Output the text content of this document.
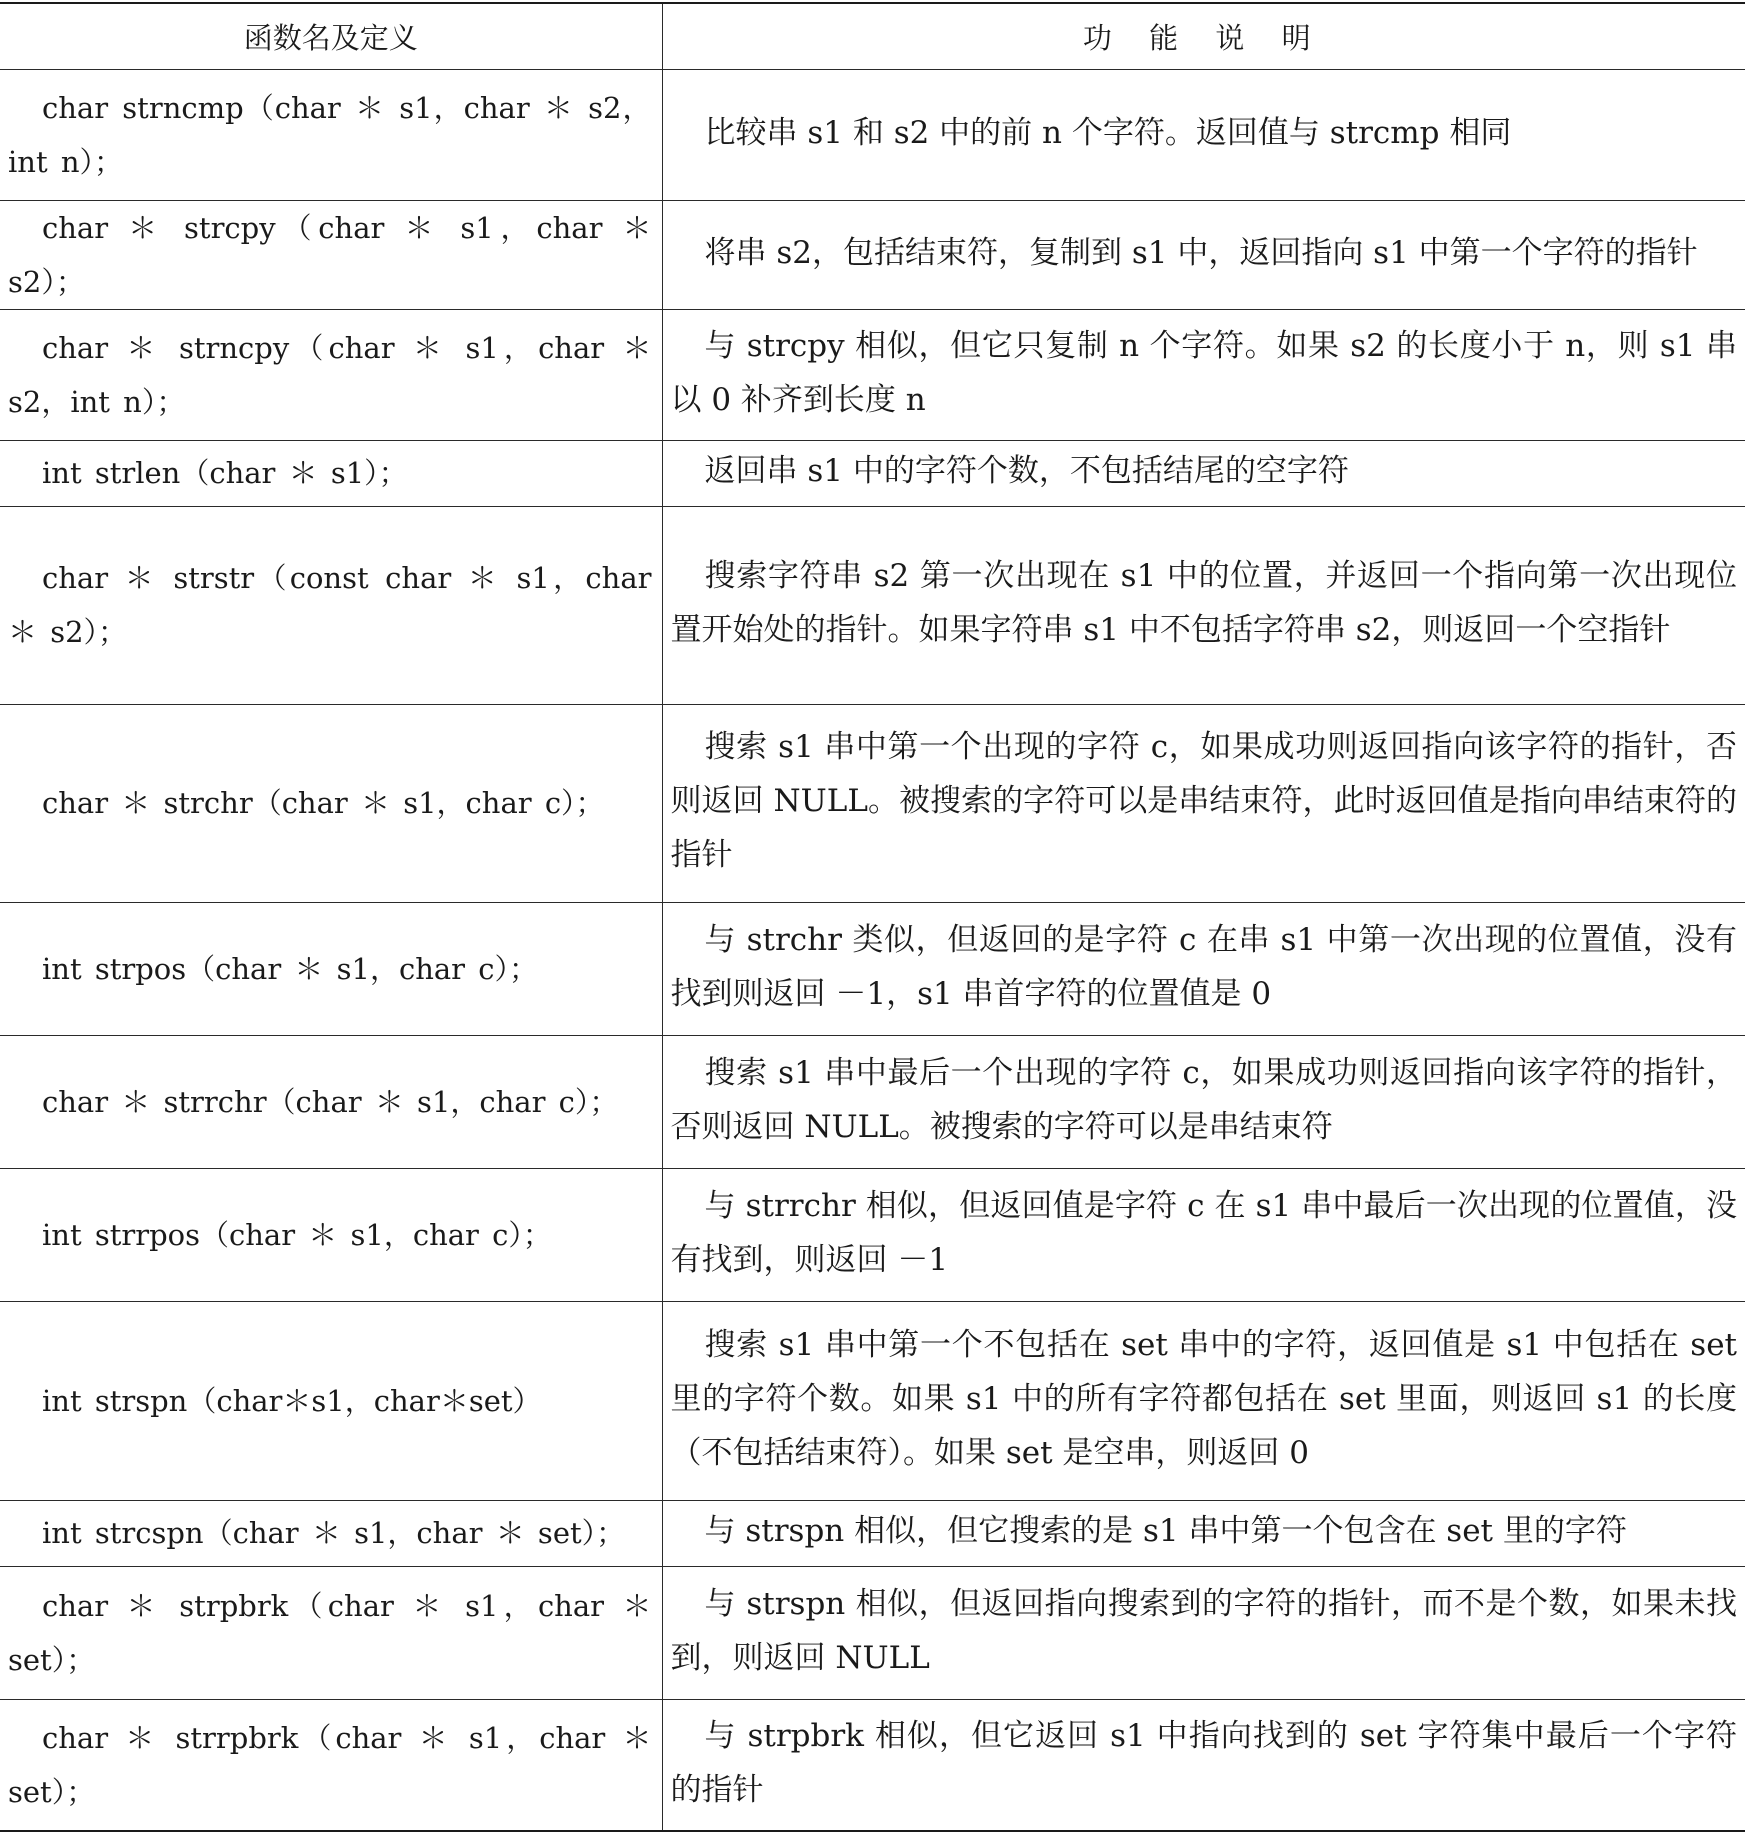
函数名及定义	功 能 说 明
char strncmp（char ＊ s1，char ＊ s2，int n）；	比较串 s1 和 s2 中的前 n 个字符。返回值与 strcmp 相同
char ＊ strcpy（char ＊ s1，char ＊ s2）；	将串 s2，包括结束符，复制到 s1 中，返回指向 s1 中第一个字符的指针
char ＊ strncpy（char ＊ s1，char ＊ s2，int n）；	与 strcpy 相似，但它只复制 n 个字符。如果 s2 的长度小于 n，则 s1 串以 0 补齐到长度 n
int strlen（char ＊ s1）；	返回串 s1 中的字符个数，不包括结尾的空字符
char ＊ strstr（const char ＊ s1，char ＊ s2）；	搜索字符串 s2 第一次出现在 s1 中的位置，并返回一个指向第一次出现位置开始处的指针。如果字符串 s1 中不包括字符串 s2，则返回一个空指针
char ＊ strchr（char ＊ s1，char c）；	搜索 s1 串中第一个出现的字符 c，如果成功则返回指向该字符的指针，否则返回 NULL。被搜索的字符可以是串结束符，此时返回值是指向串结束符的指针
int strpos（char ＊ s1，char c）；	与 strchr 类似，但返回的是字符 c 在串 s1 中第一次出现的位置值，没有找到则返回 －1，s1 串首字符的位置值是 0
char ＊ strrchr（char ＊ s1，char c）；	搜索 s1 串中最后一个出现的字符 c，如果成功则返回指向该字符的指针，否则返回 NULL。被搜索的字符可以是串结束符
int strrpos（char ＊ s1，char c）；	与 strrchr 相似，但返回值是字符 c 在 s1 串中最后一次出现的位置值，没有找到，则返回 －1
int strspn（char＊s1，char＊set）	搜索 s1 串中第一个不包括在 set 串中的字符，返回值是 s1 中包括在 set 里的字符个数。如果 s1 中的所有字符都包括在 set 里面，则返回 s1 的长度（不包括结束符）。如果 set 是空串，则返回 0
int strcspn（char ＊ s1，char ＊ set）；	与 strspn 相似，但它搜索的是 s1 串中第一个包含在 set 里的字符
char ＊ strpbrk（char ＊ s1，char ＊ set）；	与 strspn 相似，但返回指向搜索到的字符的指针，而不是个数，如果未找到，则返回 NULL
char ＊ strrpbrk（char ＊ s1，char ＊ set）；	与 strpbrk 相似，但它返回 s1 中指向找到的 set 字符集中最后一个字符的指针
